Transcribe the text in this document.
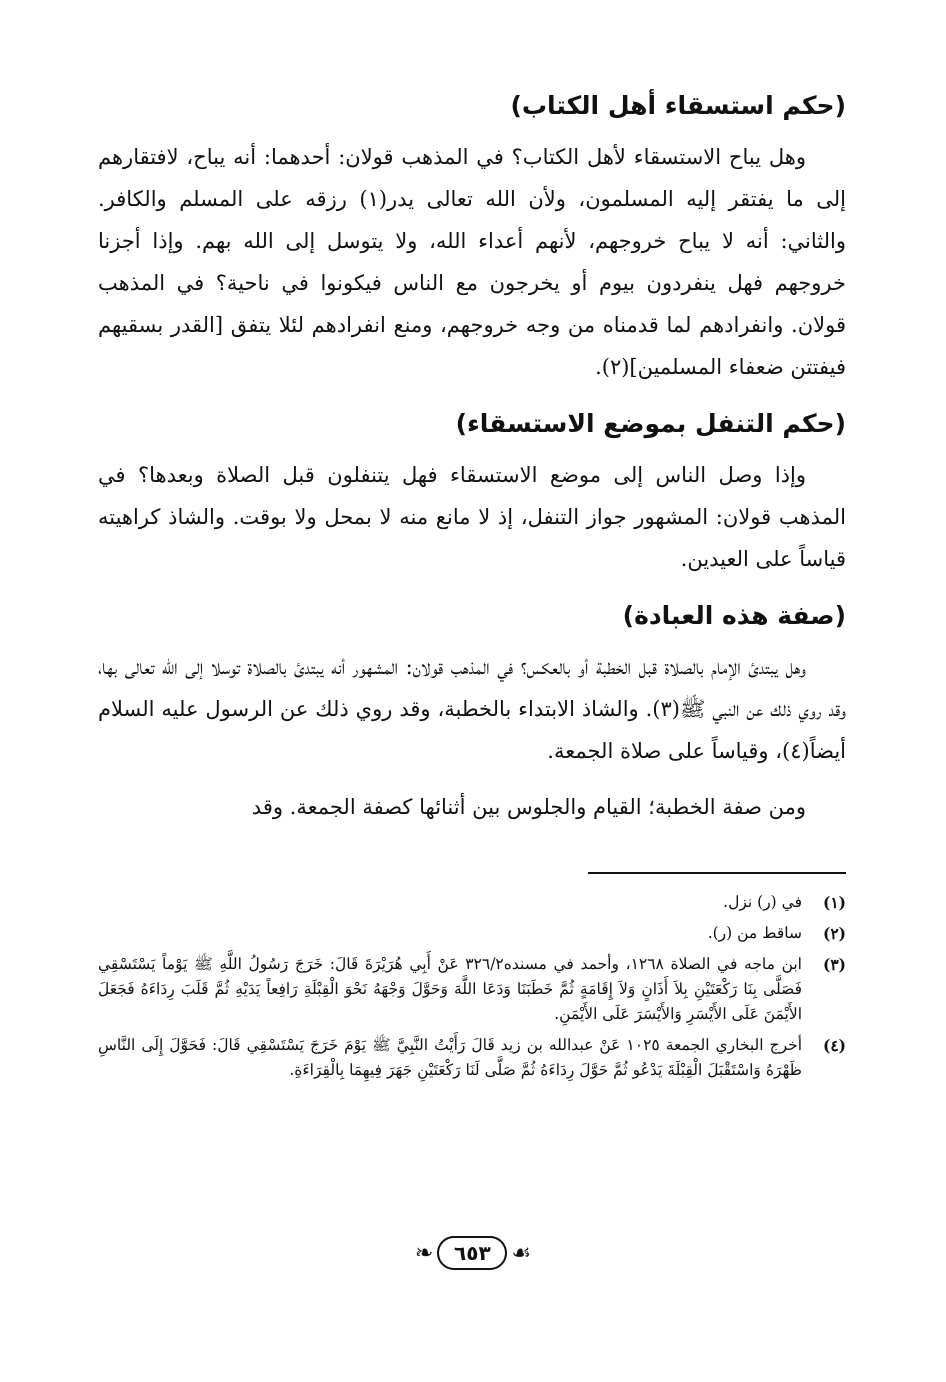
(حكم استسقاء أهل الكتاب)

وهل يباح الاستسقاء لأهل الكتاب؟ في المذهب قولان: أحدهما: أنه يباح، لافتقارهم إلى ما يفتقر إليه المسلمون، ولأن الله تعالى يدر(١) رزقه على المسلم والكافر. والثاني: أنه لا يباح خروجهم، لأنهم أعداء الله، ولا يتوسل إلى الله بهم. وإذا أجزنا خروجهم فهل ينفردون بيوم أو يخرجون مع الناس فيكونوا في ناحية؟ في المذهب قولان. وانفرادهم لما قدمناه من وجه خروجهم، ومنع انفرادهم لئلا يتفق [القدر بسقيهم فيفتتن ضعفاء المسلمين](٢).

(حكم التنفل بموضع الاستسقاء)

وإذا وصل الناس إلى موضع الاستسقاء فهل يتنفلون قبل الصلاة وبعدها؟ في المذهب قولان: المشهور جواز التنفل، إذ لا مانع منه لا بمحل ولا بوقت. والشاذ كراهيته قياساً على العيدين.

(صفة هذه العبادة)

وهل يبتدئ الإمام بالصلاة قبل الخطبة أو بالعكس؟ في المذهب قولان: المشهور أنه يبتدئ بالصلاة توسلا إلى الله تعالى بها، وقد روي ذلك عن النبي ﷺ(٣). والشاذ الابتداء بالخطبة، وقد روي ذلك عن الرسول عليه السلام أيضاً(٤)، وقياساً على صلاة الجمعة.

ومن صفة الخطبة؛ القيام والجلوس بين أثنائها كصفة الجمعة. وقد

(١)
في (ر) نزل.
(٢)
ساقط من (ر).
(٣)
ابن ماجه في الصلاة ١٢٦٨، وأحمد في مسنده٣٢٦/٢ عَنْ أَبِي هُرَيْرَةَ قَالَ: خَرَجَ رَسُولُ اللَّهِ ﷺ يَوْماً يَسْتَسْقِي فَصَلَّى بِنَا رَكْعَتَيْنِ بِلاَ أَذَانٍ وَلاَ إِقَامَةٍ ثُمَّ خَطَبَنَا وَدَعَا اللَّهَ وَحَوَّلَ وَجْهَهُ نَحْوَ الْقِبْلَةِ رَافِعاً يَدَيْهِ ثُمَّ قَلَبَ رِدَاءَهُ فَجَعَلَ الأَيْمَنَ عَلَى الأَيْسَرِ وَالأَيْسَرَ عَلَى الأَيْمَنِ.
(٤)
أخرج البخاري الجمعة ١٠٢٥ عَنْ عبدالله بن زيد قَالَ رَأَيْتُ النَّبِيَّ ﷺ يَوْمَ خَرَجَ يَسْتَسْقِي قَالَ: فَحَوَّلَ إِلَى النَّاسِ ظَهْرَهُ وَاسْتَقْبَلَ الْقِبْلَةَ يَدْعُو ثُمَّ حَوَّلَ رِدَاءَهُ ثُمَّ صَلَّى لَنَا رَكْعَتَيْنِ جَهَرَ فِيهِمَا بِالْقِرَاءَةِ.
❧	٦٥٣ ☙
